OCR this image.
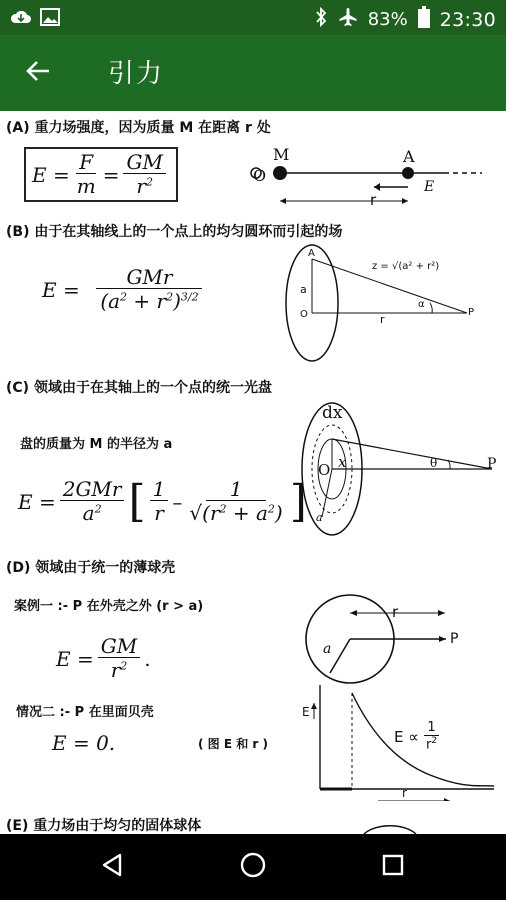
83% 23:30
引力
(A) 重力场强度，因为质量 M 在距离 r 处
$E = \frac{F}{m} = \frac{GM}{r^2}$	M	A
O
r
E
(B) 由于在其轴线上的一个点上的均匀圆环而引起的场
$E = \frac{\text{GMr}}{(a^2 + r^2)^{3/2}}$
A
z = √(a² + r²)
a
O	r
P
α
(C) 领域由于在其轴上的一个点的统一光盘
盘的质量为 M 的半径为 a
$E = \frac{\text{2GMr}}{a^2}$ [ $\frac{1}{r} - \frac{1}{√(r^2 + a^2)}$ ]
dx
x
O	P
θ
a
(D) 领域由于统一的薄球壳
案例一 :- P 在外壳之外 (r > a)
$E = \frac{GM}{r^2}$ .
情况二 :- P 在里面贝壳
E = 0.	( 图 E 和 r )
r
P
a
E
r
$E \propto \frac{1}{r^2}$
(E) 重力场由于均匀的固体球体
